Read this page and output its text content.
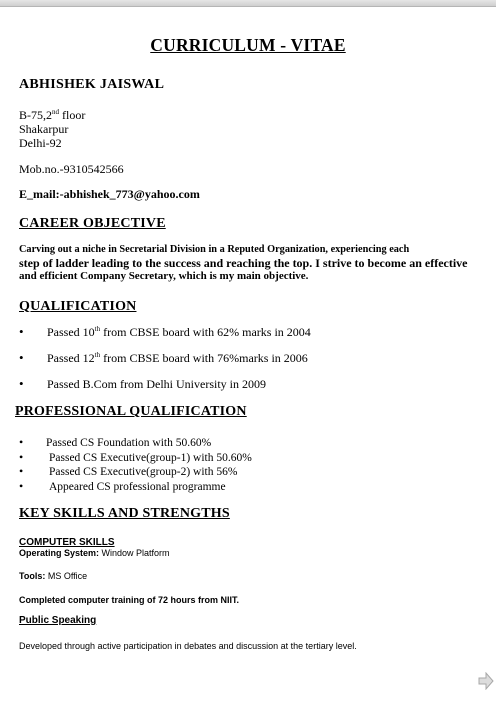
CURRICULUM - VITAE
ABHISHEK JAISWAL
B-75,2nd floor
Shakarpur
Delhi-92
Mob.no.-9310542566
E_mail:-abhishek_773@yahoo.com
CAREER OBJECTIVE
Carving out a niche in Secretarial Division in a Reputed Organization, experiencing each
step of ladder leading to the success and reaching the top. I strive to become an effective
and efficient Company Secretary, which is my main objective.
QUALIFICATION
• Passed 10th from CBSE board with 62% marks in 2004
• Passed 12th from CBSE board with 76%marks in 2006
• Passed B.Com from Delhi University in 2009
PROFESSIONAL QUALIFICATION
• Passed CS Foundation with 50.60%
• Passed CS Executive(group-1) with 50.60%
• Passed CS Executive(group-2) with 56%
• Appeared CS professional programme
KEY SKILLS AND STRENGTHS
COMPUTER SKILLS
Operating System: Window Platform
Tools: MS Office
Completed computer training of 72 hours from NIIT.
Public Speaking
Developed through active participation in debates and discussion at the tertiary level.
